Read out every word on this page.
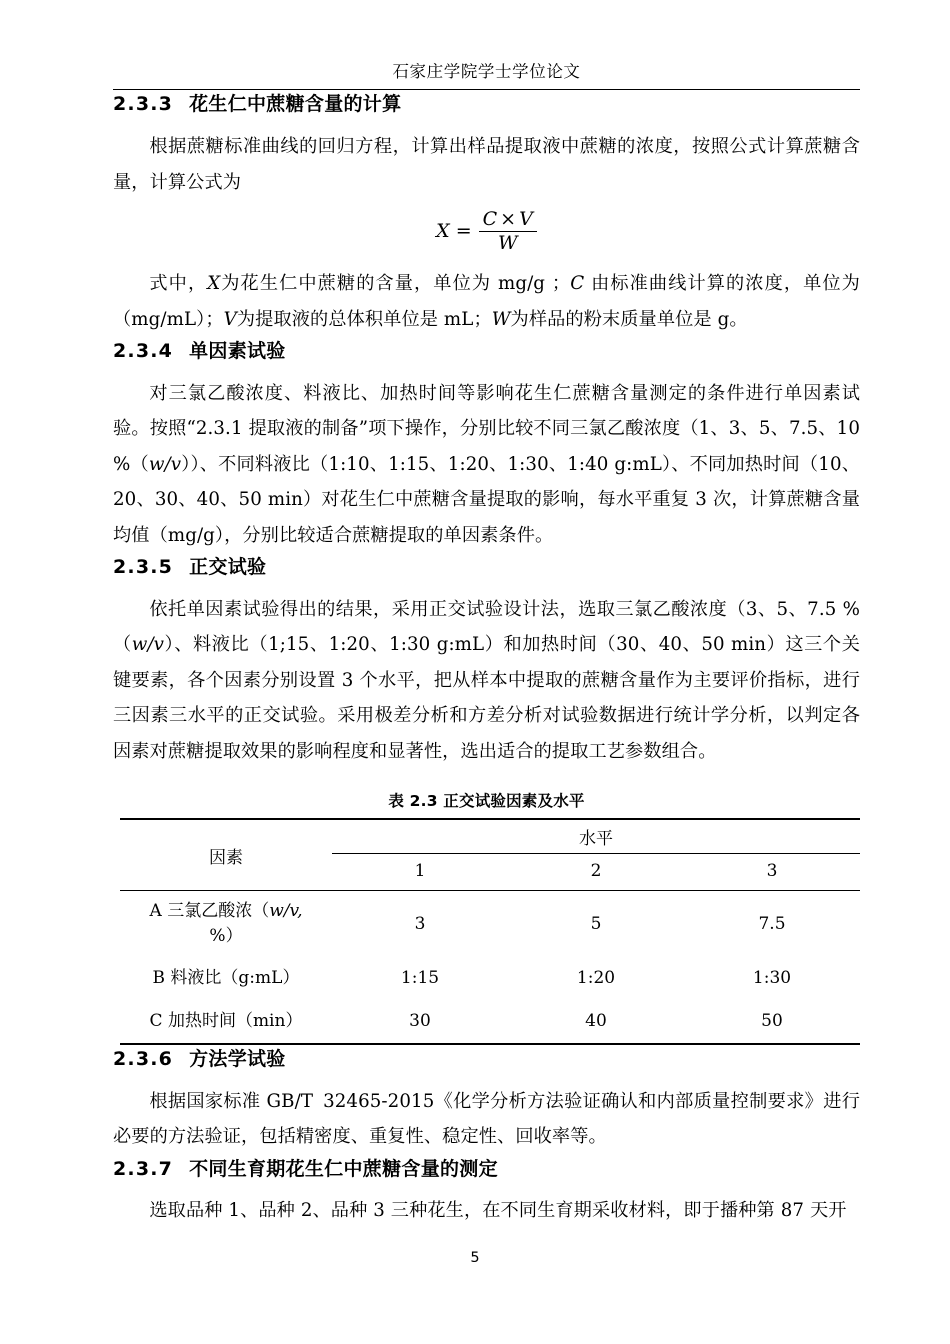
石家庄学院学士学位论文
2.3.3 花生仁中蔗糖含量的计算

根据蔗糖标准曲线的回归方程，计算出样品提取液中蔗糖的浓度，按照公式计算蔗糖含量，计算公式为

$X = \frac{C \times V}{W}$

式中，X为花生仁中蔗糖的含量，单位为 mg/g ；C 由标准曲线计算的浓度，单位为（mg/mL）；V为提取液的总体积单位是 mL；W为样品的粉末质量单位是 g。

2.3.4 单因素试验

对三氯乙酸浓度、料液比、加热时间等影响花生仁蔗糖含量测定的条件进行单因素试验。按照“2.3.1 提取液的制备”项下操作，分别比较不同三氯乙酸浓度（1、3、5、7.5、10 %（w/v））、不同料液比（1:10、1:15、1:20、1:30、1:40 g:mL）、不同加热时间（10、20、30、40、50 min）对花生仁中蔗糖含量提取的影响，每水平重复 3 次，计算蔗糖含量均值（mg/g），分别比较适合蔗糖提取的单因素条件。

2.3.5 正交试验

依托单因素试验得出的结果，采用正交试验设计法，选取三氯乙酸浓度（3、5、7.5 %（w/v）、料液比（1;15、1:20、1:30 g:mL）和加热时间（30、40、50 min）这三个关键要素，各个因素分别设置 3 个水平，把从样本中提取的蔗糖含量作为主要评价指标，进行三因素三水平的正交试验。采用极差分析和方差分析对试验数据进行统计学分析，以判定各因素对蔗糖提取效果的影响程度和显著性，选出适合的提取工艺参数组合。

表 2.3 正交试验因素及水平

因素	水平		
	1	2	3

A 三氯乙酸浓（w/v,
%）	3	5	7.5
B 料液比（g:mL）	1:15	1:20	1:30
C 加热时间（min）	30	40	50

2.3.6 方法学试验

根据国家标准 GB/T 32465-2015《化学分析方法验证确认和内部质量控制要求》进行必要的方法验证，包括精密度、重复性、稳定性、回收率等。

2.3.7 不同生育期花生仁中蔗糖含量的测定

选取品种 1、品种 2、品种 3 三种花生，在不同生育期采收材料，即于播种第 87 天开

5
